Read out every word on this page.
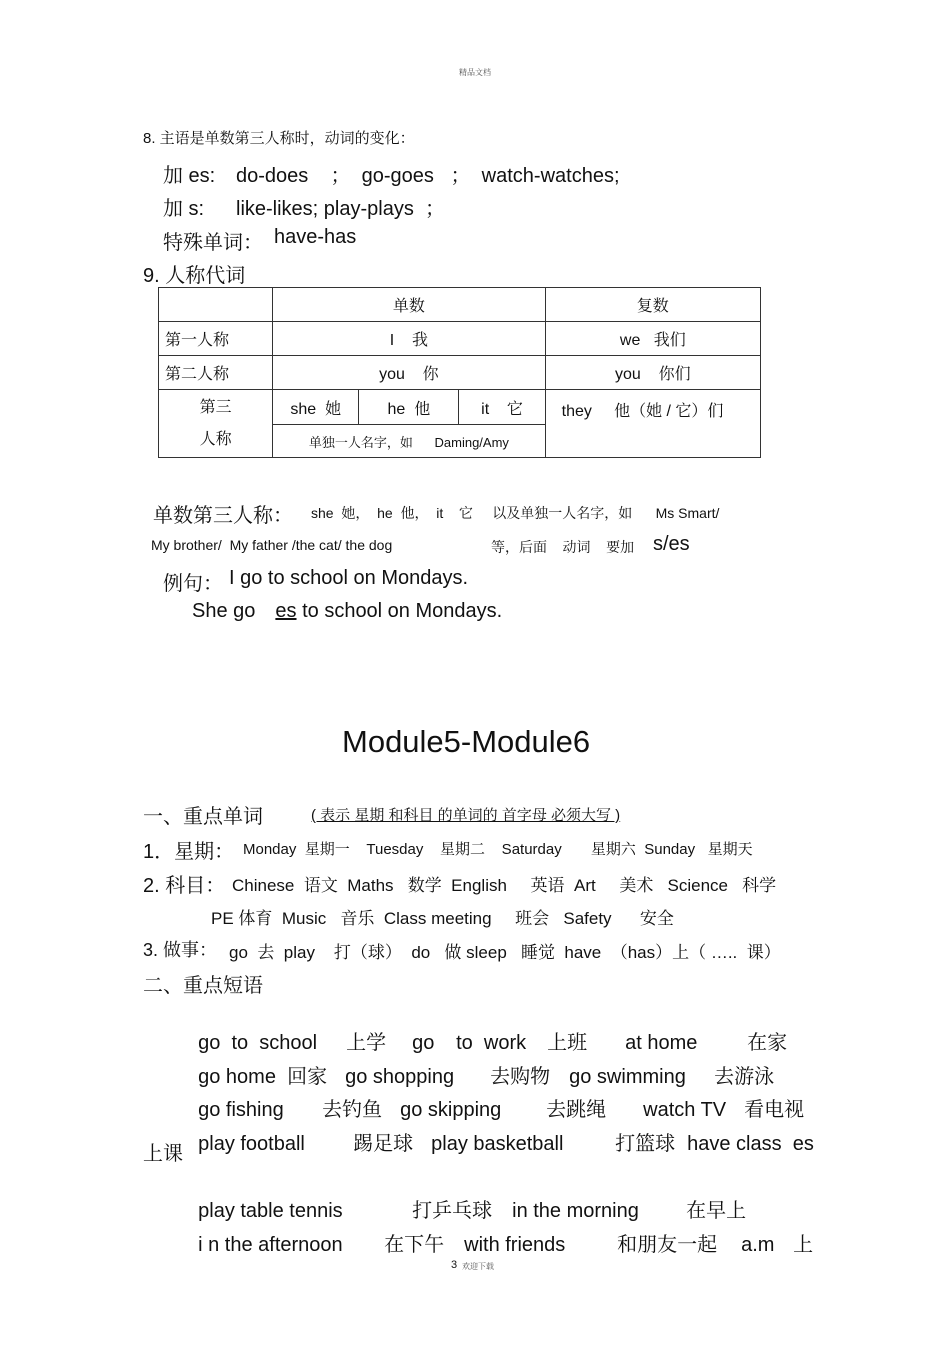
精品文档
8. 主语是单数第三人称时，动词的变化：
加 es: do-does    ；  go-goes   ；  watch-watches;
加 s: like-likes; play-plays  ；
特殊单词： have-has
9. 人称代词
	单数			复数
第一人称	I    我			we   我们
第二人称	you    你			you    你们

第三
人称	she  她	he  他	it    它	they     他（她 / 它）们
	单独一人名字，如      Daming/Amy			
单数第三人称： she  她，  he  他，  it    它     以及单独一人名字，如      Ms Smart/
My brother/  My father /the cat/ the dog	等，后面    动词    要加 s/es
例句： I go to school on Mondays.
She go es to school on Mondays.
Module5-Module6
一、重点单词	( 表示 星期 和科目 的单词的 首字母 必须大写 )
1．星期： Monday  星期一    Tuesday    星期二    Saturday       星期六  Sunday   星期天
2. 科目： Chinese  语文  Maths   数学  English     英语  Art     美术   Science   科学
PE 体育  Music   音乐  Class meeting     班会   Safety      安全
3. 做事： go  去  play    打（球）  do   做 sleep   睡觉  have  （has）上（ …..  课）
二、重点短语

go  to  school 上学 go to  work 上班 at home 在家

go home  回家 go shopping 去购物 go swimming 去游泳

go fishing 去钓鱼 go skipping 去跳绳 watch TV 看电视

play football 踢足球 play basketball	打篮球 have class  es

上课

play table tennis	打乒乓球 in the morning 在早上

i n the afternoon 在下午 with friends	和朋友一起 a.m 上

3 欢迎下载
